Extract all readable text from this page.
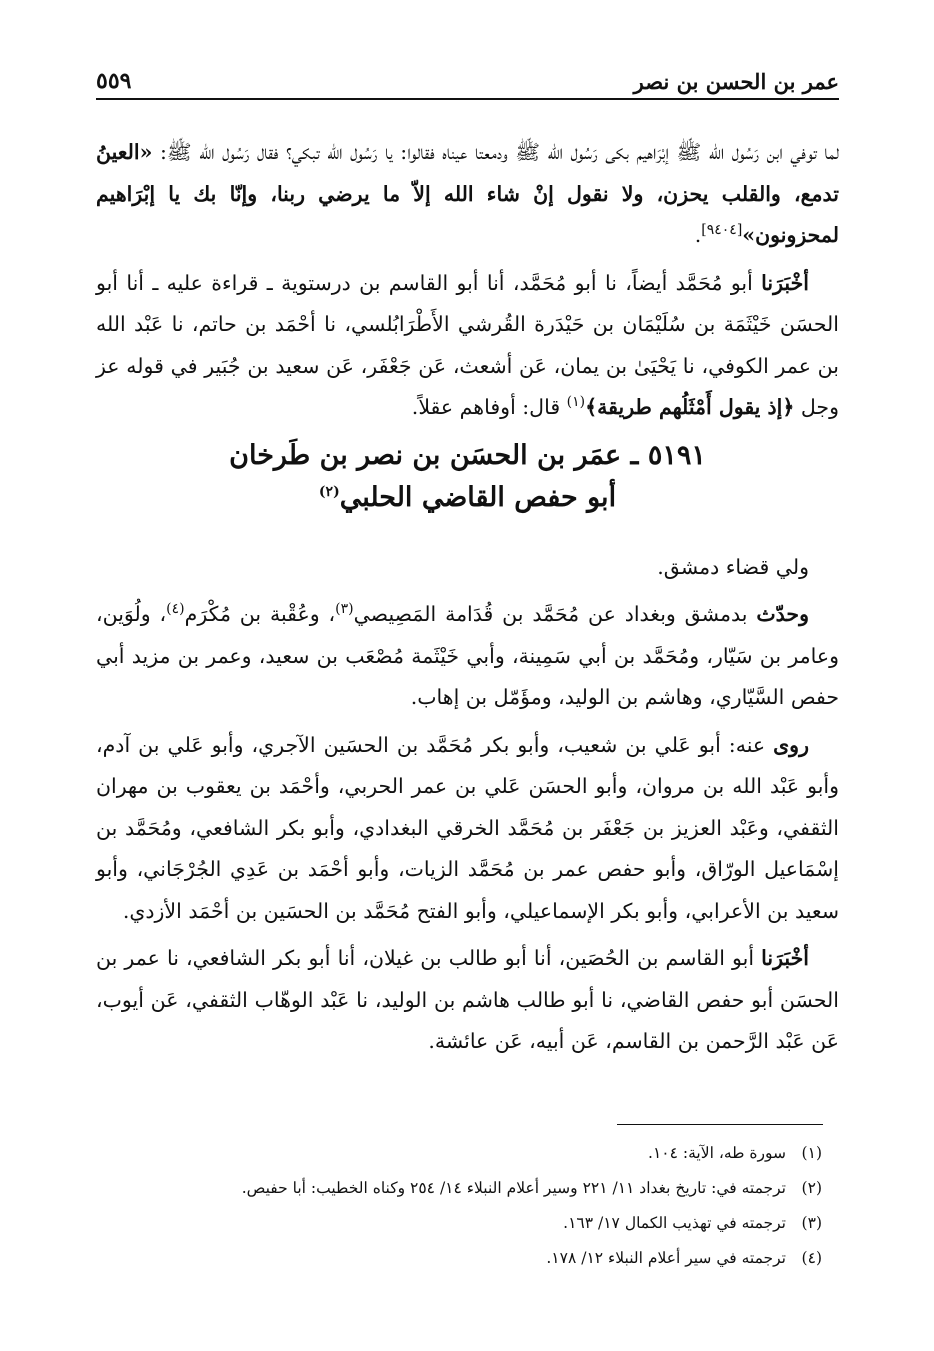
عمر بن الحسن بن نصر
٥٥٩

لما توفي ابن رَسُول الله ﷺ إبْرَاهيم بكى رَسُول الله ﷺ ودمعتا عيناه فقالوا: يا رَسُول الله تبكي؟ فقال رَسُول الله ﷺ: «العينُ تدمع، والقلب يحزن، ولا نقول إنْ شاء الله إلاّ ما يرضي ربنا، وإنّا بك يا إبْرَاهيم لمحزونون»[٩٤٠٤].

أخْبَرَنا أبو مُحَمَّد أيضاً، نا أبو مُحَمَّد، أنا أبو القاسم بن درستوية ـ قراءة عليه ـ أنا أبو الحسَن خَيْثَمَة بن سُلَيْمَان بن حَيْدَرة القُرشي الأَطْرَابُلسي، نا أحْمَد بن حاتم، نا عَبْد الله بن عمر الكوفي، نا يَحْيَىٰ بن يمان، عَن أشعث، عَن جَعْفَر، عَن سعيد بن جُبَير في قوله عز وجل ﴿إذ يقول أَمْثَلُهم طريقة﴾$^{(١)}$ قال: أوفاهم عقلاً.

٥١٩١ ـ عمَر بن الحسَن بن نصر بن طَرخان
أبو حفص القاضي الحلبي$^{(٢)}$

ولي قضاء دمشق.

وحدّث بدمشق وبغداد عن مُحَمَّد بن قُدَامة المَصِيصي$^{(٣)}$، وعُقْبة بن مُكْرَم$^{(٤)}$، ولُوَين، وعامر بن سَيّار، ومُحَمَّد بن أبي سَمِينة، وأبي خَيْثَمة مُصْعَب بن سعيد، وعمر بن مزيد أبي حفص السَّيّاري، وهاشم بن الوليد، ومؤَمّل بن إهاب.

روى عنه: أبو عَلي بن شعيب، وأبو بكر مُحَمَّد بن الحسَين الآجري، وأبو عَلي بن آدم، وأبو عَبْد الله بن مروان، وأبو الحسَن عَلي بن عمر الحربي، وأحْمَد بن يعقوب بن مهران الثقفي، وعَبْد العزيز بن جَعْفَر بن مُحَمَّد الخرقي البغدادي، وأبو بكر الشافعي، ومُحَمَّد بن إسْمَاعيل الورّاق، وأبو حفص عمر بن مُحَمَّد الزيات، وأبو أحْمَد بن عَدِي الجُرْجَاني، وأبو سعيد بن الأعرابي، وأبو بكر الإسماعيلي، وأبو الفتح مُحَمَّد بن الحسَين بن أحْمَد الأزدي.

أخْبَرَنا أبو القاسم بن الحُصَين، أنا أبو طالب بن غيلان، أنا أبو بكر الشافعي، نا عمر بن الحسَن أبو حفص القاضي، نا أبو طالب هاشم بن الوليد، نا عَبْد الوهّاب الثقفي، عَن أيوب، عَن عَبْد الرَّحمن بن القاسم، عَن أبيه، عَن عائشة.

(١)
سورة طه، الآية: ١٠٤.
(٢)
ترجمته في: تاريخ بغداد ١١/ ٢٢١ وسير أعلام النبلاء ١٤/ ٢٥٤ وكناه الخطيب: أبا حفيص.
(٣)
ترجمته في تهذيب الكمال ١٧/ ١٦٣.
(٤)
ترجمته في سير أعلام النبلاء ١٢/ ١٧٨.
